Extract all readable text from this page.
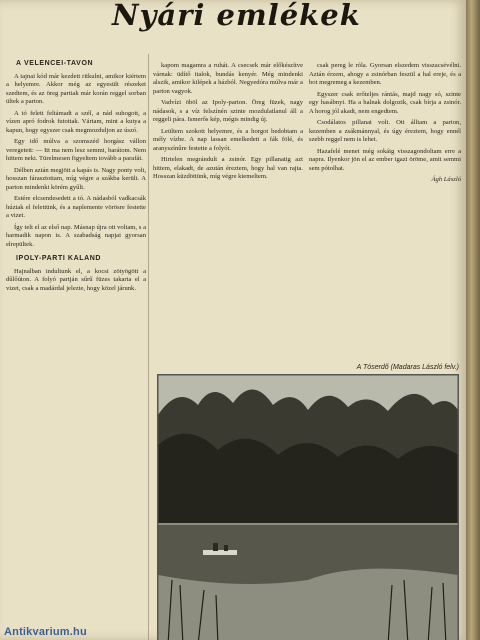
Nyári emlékek
A VELENCEI-TAVON

A tajnai kód már kezdett ritkulni, amikor kiértem a helyemre. Akkor még az egyesült részeket szedtem, és az öreg partiak már korán reggel sorban ültek a parton.

A tó felett feltámadt a szél, a nád suhogott, a vízen apró fodrok futottak. Vártam, mint a kutya a kapun, hogy egyszer csak megmozduljon az úszó.

Egy idő múlva a szomszéd horgász vállon veregetett: — Itt ma nem lesz semmi, barátom. Nem hittem neki. Türelmesen figyeltem tovább a parafát.

Délben aztán megjött a kapás is. Nagy ponty volt, hosszan fárasztottam, míg végre a szákba került. A parton mindenki körém gyűlt.

Estére elcsendesedett a tó. A nádasból vadkacsák húztak el felettünk, és a naplemente vörösre festette a vizet.

Így telt el az első nap. Másnap újra ott voltam, s a harmadik napon is. A szabadság napjai gyorsan elrepültek.

IPOLY-PARTI KALAND

Hajnalban indultunk el, a kocsi zötyögött a dűlőúton. A folyó partján sűrű füzes takarta el a vizet, csak a madárdal jelezte, hogy közel járunk.

kapom magamra a ruhát. A csecsek már előkészítve várnak: üdítő italok, bundás kenyér. Még mindenki alszik, amikor kilépek a házból. Negyedóra múlva már a parton vagyok.

Vadvízi öböl az Ipoly-parton. Öreg füzek, nagy nádasok, s a víz felszínén szinte mozdulatlanul áll a reggeli pára. Ismerős kép, mégis mindig új.

Leültem szokott helyemre, és a horgot bedobtam a mély vízbe. A nap lassan emelkedett a fák fölé, és aranyszínűre festette a folyót.

Hirtelen megrándult a zsinór. Egy pillanatig azt hittem, elakadt, de azután éreztem, hogy hal van rajta. Hosszan küzdöttünk, míg végre kiemeltem.

csak pereg le róla. Gyorsan elszedem visszacsévélni. Aztán érzem, ahogy a zsinórban feszül a hal ereje, és a bot megremeg a kezemben.

Egyszer csak erőteljes rántás, majd nagy só, szinte egy hasábnyi. Ha a halnak dolgozik, csak bírja a zsinór. A horog jól akadt, nem engedtem.

Csodálatos pillanat volt. Ott álltam a parton, kezemben a zsákmánnyal, és úgy éreztem, hogy ennél szebb reggel nem is lehet.

Hazafelé menet még sokáig visszagondoltam erre a napra. Ilyenkor jön el az ember igazi öröme, amit semmi sem pótolhat.

Ágh László
A Tóserdő (Madaras László felv.)
Antikvarium.hu
